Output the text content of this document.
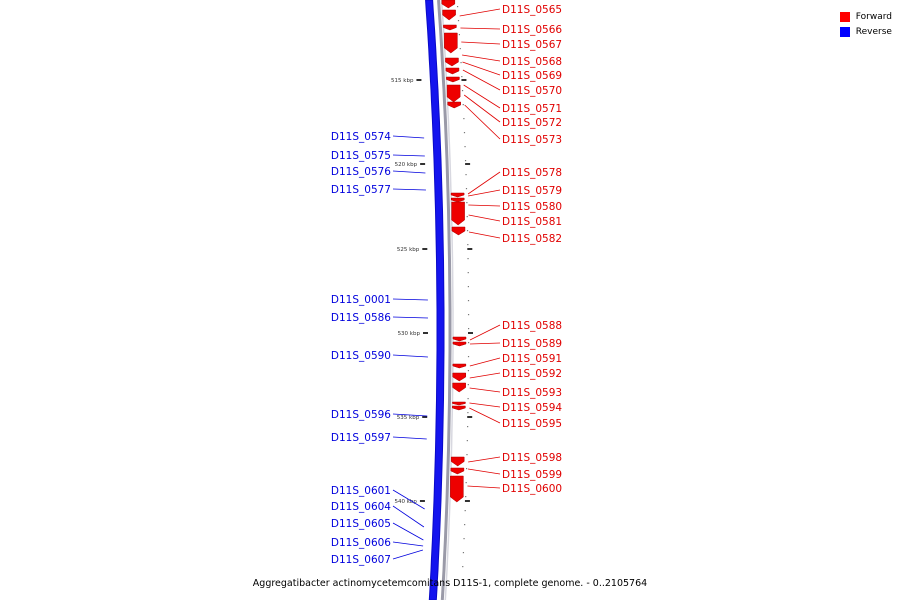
515 kbp
520 kbp
525 kbp
530 kbp
535 kbp
540 kbp
D11S_0565
D11S_0566
D11S_0567
D11S_0568
D11S_0569
D11S_0570
D11S_0571
D11S_0572
D11S_0573
D11S_0578
D11S_0579
D11S_0580
D11S_0581
D11S_0582
D11S_0588
D11S_0589
D11S_0591
D11S_0592
D11S_0593
D11S_0594
D11S_0595
D11S_0598
D11S_0599
D11S_0600
D11S_0574
D11S_0575
D11S_0576
D11S_0577
D11S_0001
D11S_0586
D11S_0590
D11S_0596
D11S_0597
D11S_0601
D11S_0604
D11S_0605
D11S_0606
D11S_0607
Forward
Reverse
Aggregatibacter actinomycetemcomitans D11S-1, complete genome. - 0..2105764
